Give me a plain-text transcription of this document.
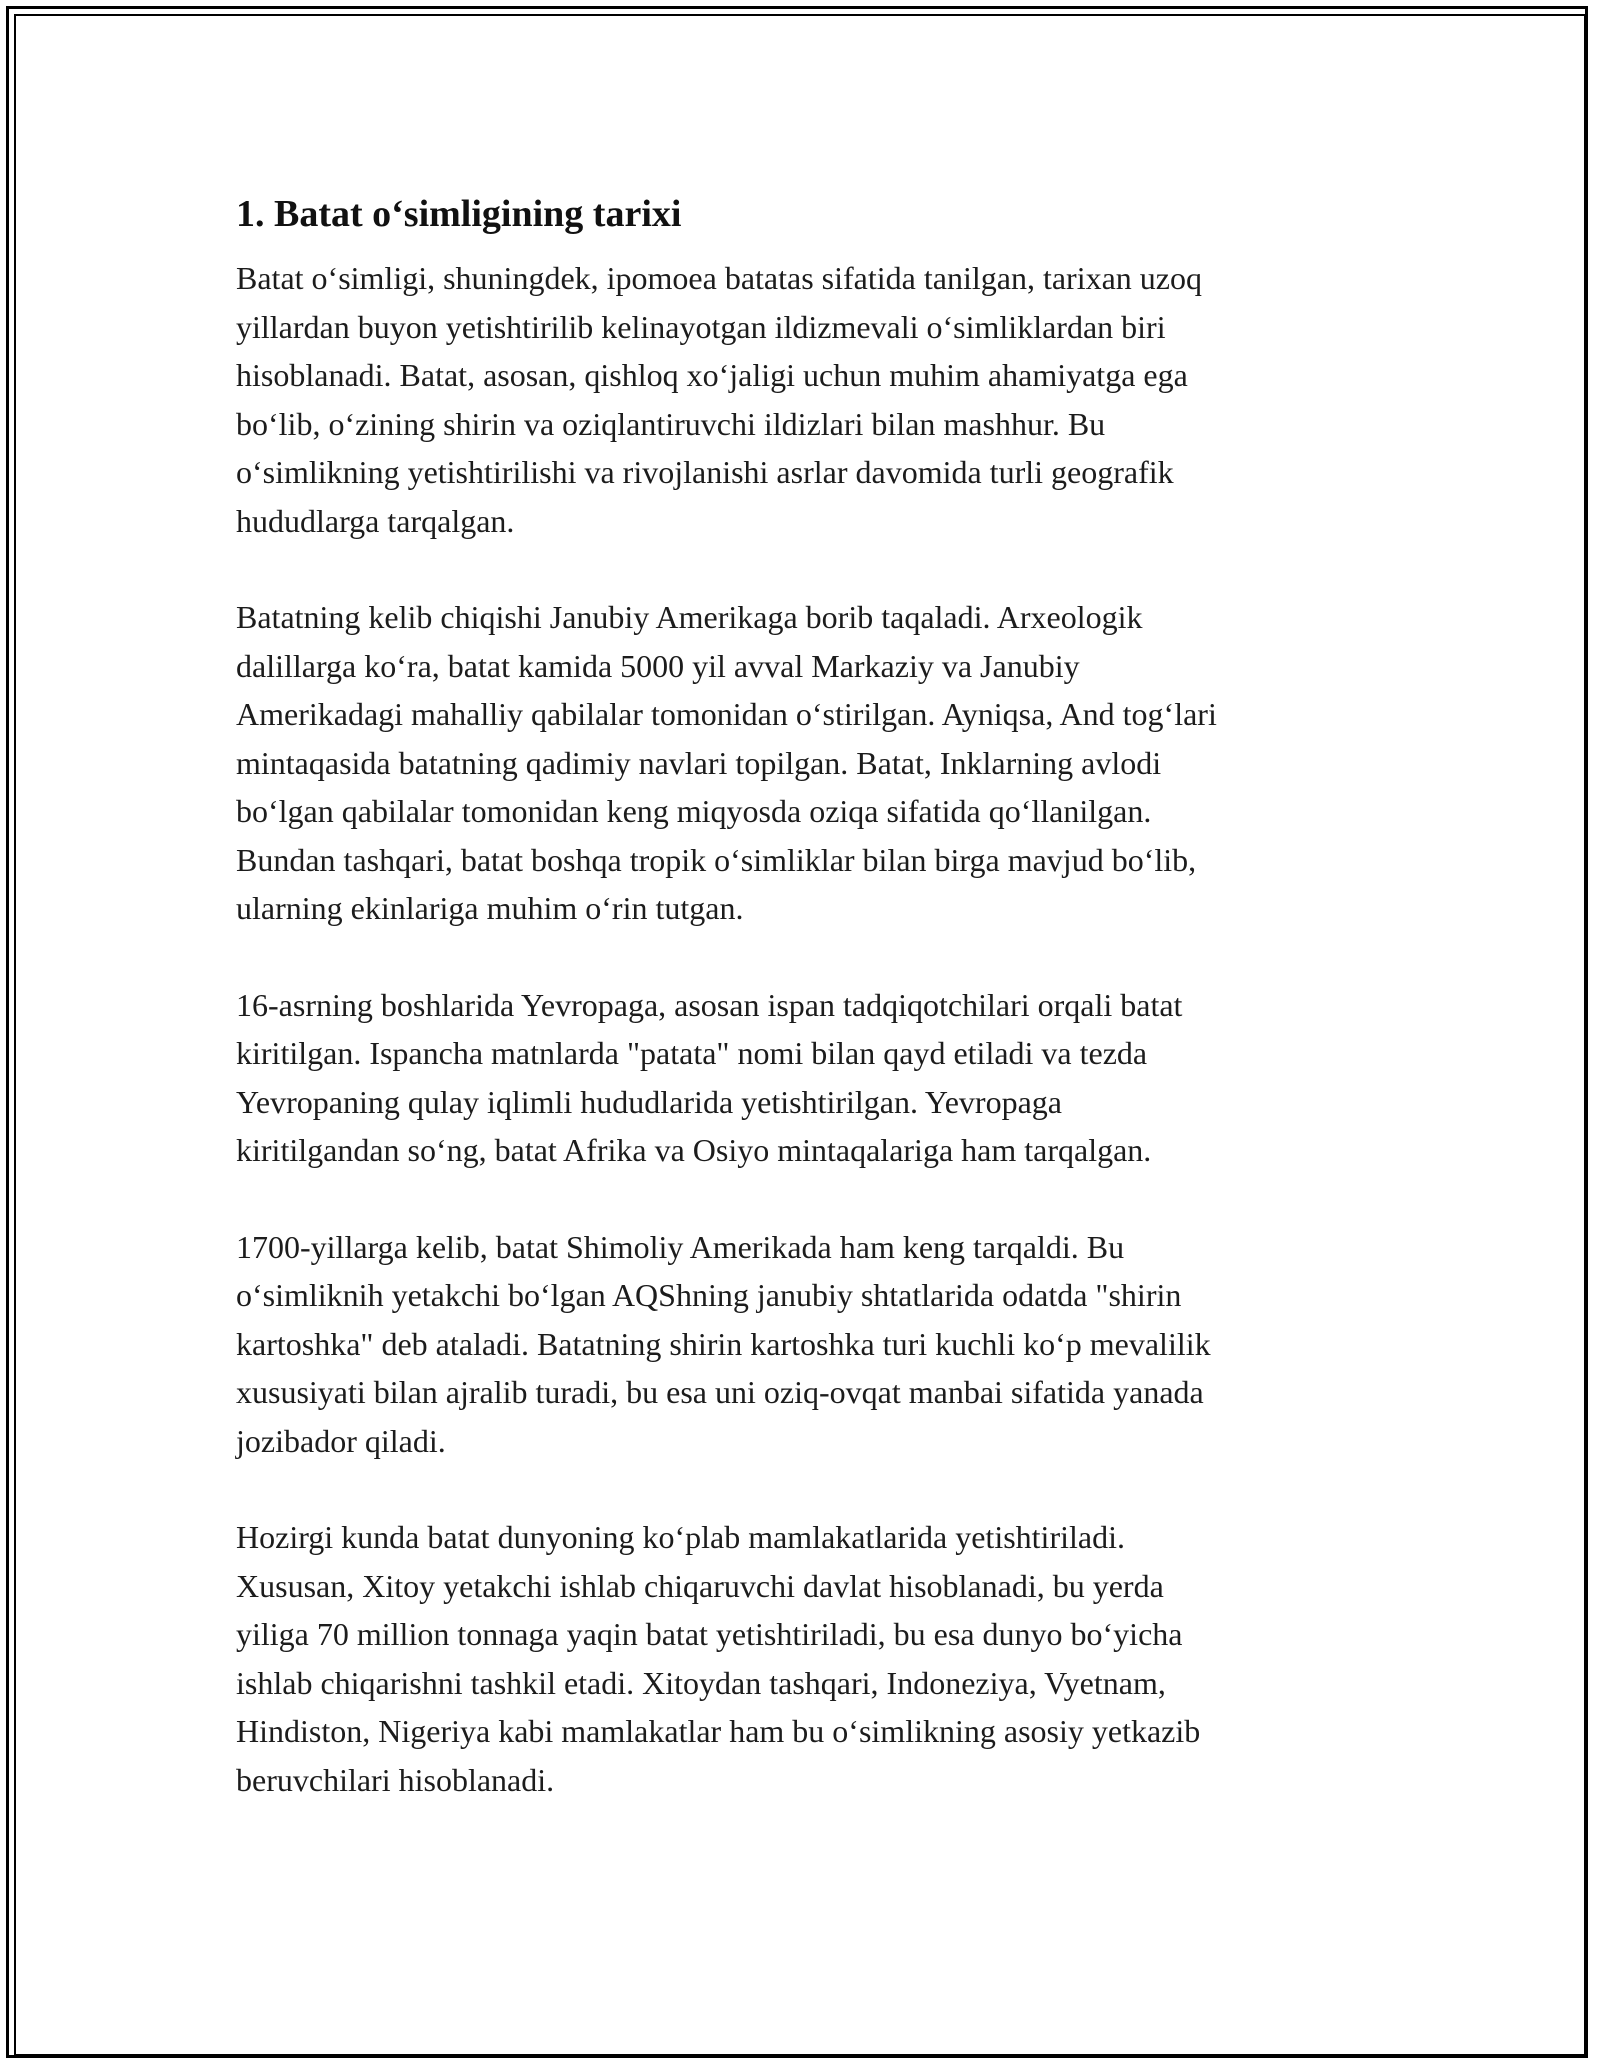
1. Batat o‘simligining tarixi

Batat o‘simligi, shuningdek, ipomoea batatas sifatida tanilgan, tarixan uzoq
yillardan buyon yetishtirilib kelinayotgan ildizmevali o‘simliklardan biri
hisoblanadi. Batat, asosan, qishloq xo‘jaligi uchun muhim ahamiyatga ega
bo‘lib, o‘zining shirin va oziqlantiruvchi ildizlari bilan mashhur. Bu
o‘simlikning yetishtirilishi va rivojlanishi asrlar davomida turli geografik
hududlarga tarqalgan.

Batatning kelib chiqishi Janubiy Amerikaga borib taqaladi. Arxeologik
dalillarga ko‘ra, batat kamida 5000 yil avval Markaziy va Janubiy
Amerikadagi mahalliy qabilalar tomonidan o‘stirilgan. Ayniqsa, And tog‘lari
mintaqasida batatning qadimiy navlari topilgan. Batat, Inklarning avlodi
bo‘lgan qabilalar tomonidan keng miqyosda oziqa sifatida qo‘llanilgan.
Bundan tashqari, batat boshqa tropik o‘simliklar bilan birga mavjud bo‘lib,
ularning ekinlariga muhim o‘rin tutgan.

16-asrning boshlarida Yevropaga, asosan ispan tadqiqotchilari orqali batat
kiritilgan. Ispancha matnlarda "patata" nomi bilan qayd etiladi va tezda
Yevropaning qulay iqlimli hududlarida yetishtirilgan. Yevropaga
kiritilgandan so‘ng, batat Afrika va Osiyo mintaqalariga ham tarqalgan.

1700-yillarga kelib, batat Shimoliy Amerikada ham keng tarqaldi. Bu
o‘simliknih yetakchi bo‘lgan AQShning janubiy shtatlarida odatda "shirin
kartoshka" deb ataladi. Batatning shirin kartoshka turi kuchli ko‘p mevalilik
xususiyati bilan ajralib turadi, bu esa uni oziq-ovqat manbai sifatida yanada
jozibador qiladi.

Hozirgi kunda batat dunyoning ko‘plab mamlakatlarida yetishtiriladi.
Xususan, Xitoy yetakchi ishlab chiqaruvchi davlat hisoblanadi, bu yerda
yiliga 70 million tonnaga yaqin batat yetishtiriladi, bu esa dunyo bo‘yicha
ishlab chiqarishni tashkil etadi. Xitoydan tashqari, Indoneziya, Vyetnam,
Hindiston, Nigeriya kabi mamlakatlar ham bu o‘simlikning asosiy yetkazib
beruvchilari hisoblanadi.
